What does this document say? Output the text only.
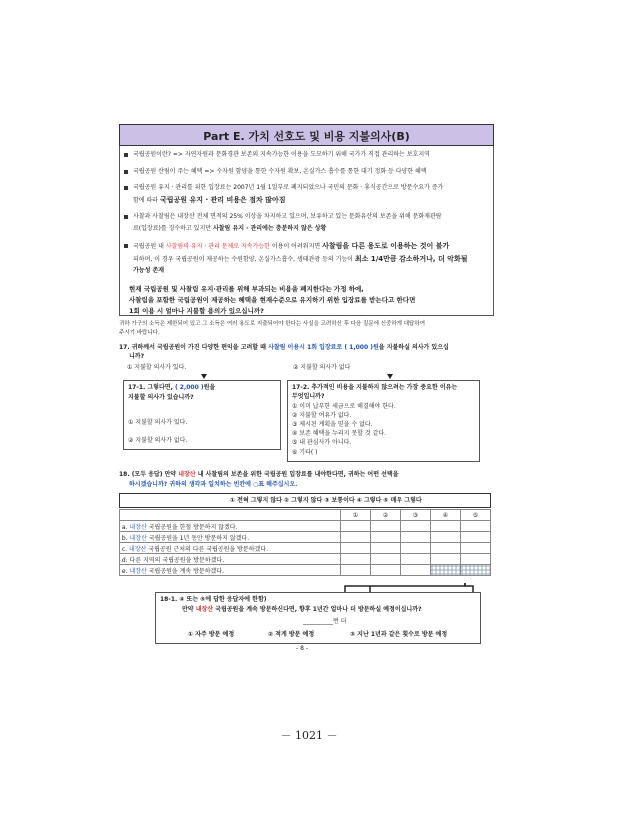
Part E. 가치 선호도 및 비용 지불의사(B)
국립공원이란? => 자연자원과 문화경관 보존외 지속가능한 이용을 도모하기 위해 국가가 직접 관리하는 보호지역
국립공원 산림이 주는 혜택 => 수자원 함양을 통한 수자원 확보, 온실가스 흡수를 통한 대기 정화 등 다양한 혜택
국립공원 유지 · 관리를 위한 입장료는 2007년 1월 1일부로 폐지되었으나 국민의 문화 · 휴식공간으로 방문수요가 증가
함에 따라 국립공원 유지 · 관리 비용은 점차 많아짐
사찰과 사찰림은 내장산 전체 면적의 25% 이상을 차지하고 있으며, 보유하고 있는 문화유산의 보존을 위해 문화재관람
료(입장료)를 징수하고 있지만 사찰림 유지 · 관리에는 충분하지 않은 상황
국립공원 내 사찰림의 유지 · 관리 문제로 지속가능한 이용이 어려워지면 사찰림을 다른 용도로 이용하는 것이 불가
피하며, 이 경우 국립공원이 제공하는 수원함양, 온실가스흡수, 생태관광 등의 기능이 최소 1/4만큼 감소하거나, 더 악화될
가능성 존재
현재 국립공원 및 사찰림 유지·관리를 위해 부과되는 비용을 폐지한다는 가정 하에,
사찰림을 포함한 국립공원이 제공하는 혜택을 현재수준으로 유지하기 위한 입장료를 받는다고 한다면
1회 이용 시 얼마나 지불할 용의가 있으십니까?
귀하 가구의 소득은 제한되어 있고 그 소득은 여러 용도로 지출되어야 한다는 사실을 고려하신 후 다음 질문에 신중하게 대답하여
주시기 바랍니다.
17. 귀하께서 국립공원이 가진 다양한 편익을 고려할 때 사찰림 이용시 1회 입장료로 ( 1,000 )원을 지불하실 의사가 있으십
니까?
① 지불할 의사가 있다.	② 지불할 의사가 없다
17-1. 그렇다면, ( 2,000 )원을
지불할 의사가 있습니까?
① 지불할 의사가 있다.
② 지불할 의사가 없다.
17-2. 추가적인 비용을 지불하지 않으려는 가장 중요한 이유는
무엇입니까?
① 이미 납부한 세금으로 해결해야 한다.
② 지불할 여유가 없다.
③ 제시된 계획을 믿을 수 없다.
④ 보존 혜택을 누리지 못할 것 같다.
⑤ 내 관심사가 아니다.
⑥ 기타( )
18. (모두 응답) 만약 내장산 내 사찰림의 보존을 위한 국립공원 입장료를 내야한다면, 귀하는 어떤 선택을
하시겠습니까? 귀하의 생각과 일치하는 빈칸에 ○표 해주십시오.
① 전혀 그렇지 않다 ② 그렇지 않다 ③ 보통이다 ④ 그렇다 ⑤ 매우 그렇다
	①	②	③	④	⑤
a. 내장산 국립공원을 한철 방문하지 않겠다.					
b. 내장산 국립공원을 1년 동안 방문하지 않겠다.					
c. 내장산 국립공원 근처의 다른 국립공원을 방문하겠다.					
d. 다른 지역의 국립공원을 방문하겠다.					
e. 내장산 국립공원을 계속 방문하겠다.					
18-1. ④ 또는 ⑤에 답한 응답자에 한함)
만약 내장산 국립공원을 계속 방문하신다면, 향후 1년간 얼마나 더 방문하실 예정이십니까?
__________번 더
① 자주 방문 예정	② 적게 방문 예정	③ 지난 1년과 같은 횟수로 방문 예정
- 8 -
－ 1021 －
